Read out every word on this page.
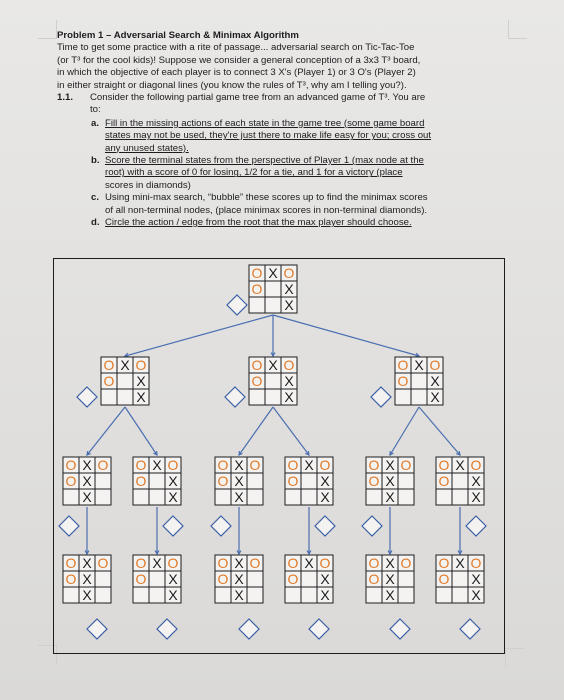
Problem 1 – Adversarial Search & Minimax Algorithm

Time to get some practice with a rite of passage... adversarial search on Tic-Tac-Toe

(or T³ for the cool kids)! Suppose we consider a general conception of a 3x3 T³ board,

in which the objective of each player is to connect 3 X's (Player 1) or 3 O's (Player 2)

in either straight or diagonal lines (you know the rules of T³, why am I telling you?).

1.1.	Consider the following partial game tree from an advanced game of T³. You are

to:

a. Fill in the missing actions of each state in the game tree (some game board

states may not be used, they're just there to make life easy for you; cross out

any unused states).

b. Score the terminal states from the perspective of Player 1 (max node at the

root) with a score of 0 for losing, 1/2 for a tie, and 1 for a victory (place

scores in diamonds)

c. Using mini-max search, “bubble” these scores up to find the minimax scores

of all non-terminal nodes, (place minimax scores in non-terminal diamonds).

d. Circle the action / edge from the root that the max player should choose.

O X O
O X
X
O X O
O X
X
O X O
O X
X
O X O
O X
X
O X O
O X
X
O X O
O X
X
O X O
O X
X
O X O
O X
X
O X O
O X
X
O X O
O X
X
O X O
O X
X
O X O
O X
X
O X O
O X
X
O X O
O X
X
O X O
O X
X
O X O
O X
X
